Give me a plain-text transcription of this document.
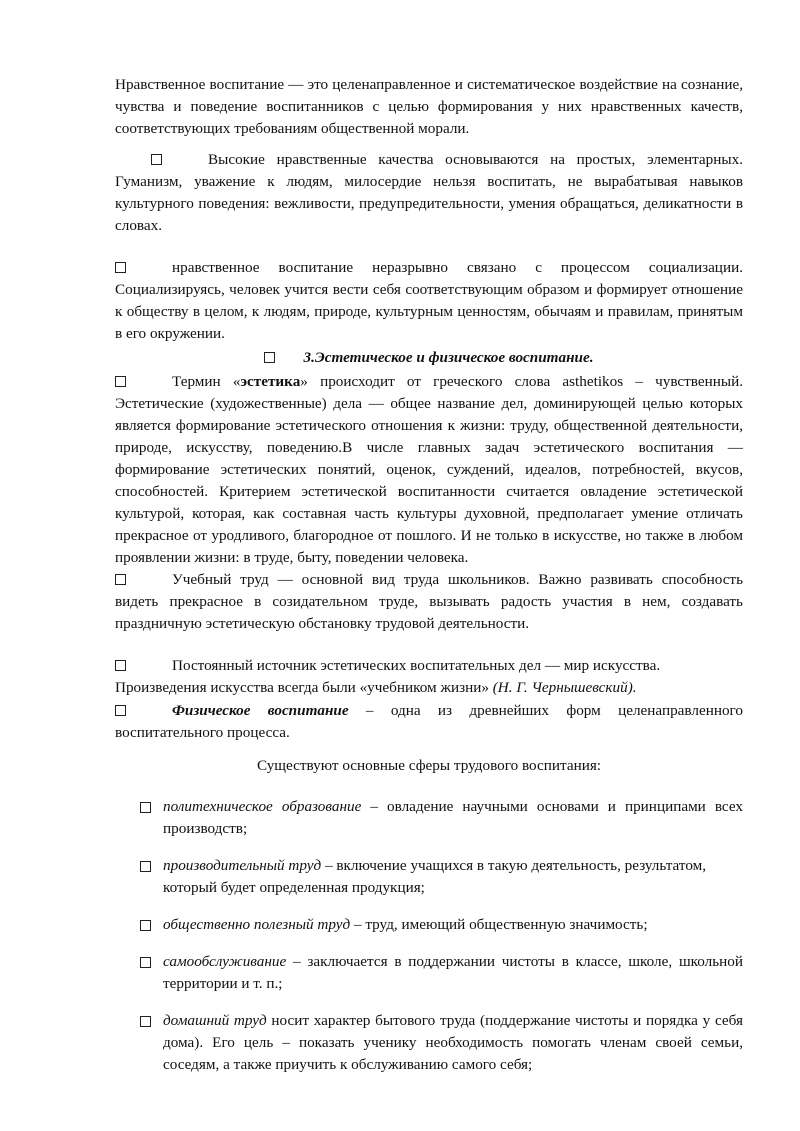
Нравственное воспитание — это целенаправленное и систематическое воздействие на сознание, чувства и поведение воспитанников с целью формирования у них нравственных качеств, соответствующих требованиям общественной морали.

Высокие нравственные качества основываются на простых, элементарных. Гуманизм, уважение к людям, милосердие нельзя воспитать, не вырабатывая навыков культурного поведения: вежливости, предупредительности, умения обращаться, деликатности в словах.

нравственное воспитание неразрывно связано с процессом социализации. Социализируясь, человек учится вести себя соответствующим образом и формирует отношение к обществу в целом, к людям, природе, культурным ценностям, обычаям и правилам, принятым в его окружении.

3.Эстетическое и физическое воспитание.

Термин «эстетика» происходит от греческого слова asthetikos – чувственный. Эстетические (художественные) дела — общее название дел, доминирующей целью которых является формирование эстетического отношения к жизни: труду, общественной деятельности, природе, искусству, поведению.В числе главных задач эстетического воспитания — формирование эстетических понятий, оценок, суждений, идеалов, потребностей, вкусов, способностей. Критерием эстетической воспитанности считается овладение эстетической культурой, которая, как составная часть культуры духовной, предполагает умение отличать прекрасное от уродливого, благородное от пошлого. И не только в искусстве, но также в любом проявлении жизни: в труде, быту, поведении человека.

Учебный труд — основной вид труда школьников. Важно развивать способность видеть прекрасное в созидательном труде, вызывать радость участия в нем, создавать праздничную эстетическую обстановку трудовой деятельности.

Постоянный источник эстетических воспитательных дел — мир искусства.
Произведения искусства всегда были «учебником жизни» (Н. Г. Чернышевский).

Физическое воспитание – одна из древнейших форм целенаправленного воспитательного процесса.

Существуют основные сферы трудового воспитания:

политехническое образование – овладение научными основами и принципами всех производств;
производительный труд – включение учащихся в такую деятельность, результатом, который будет определенная продукция;
общественно полезный труд – труд, имеющий общественную значимость;
самообслуживание – заключается в поддержании чистоты в классе, школе, школьной территории и т. п.;
домашний труд носит характер бытового труда (поддержание чистоты и порядка у себя дома). Его цель – показать ученику необходимость помогать членам своей семьи, соседям, а также приучить к обслуживанию самого себя;
